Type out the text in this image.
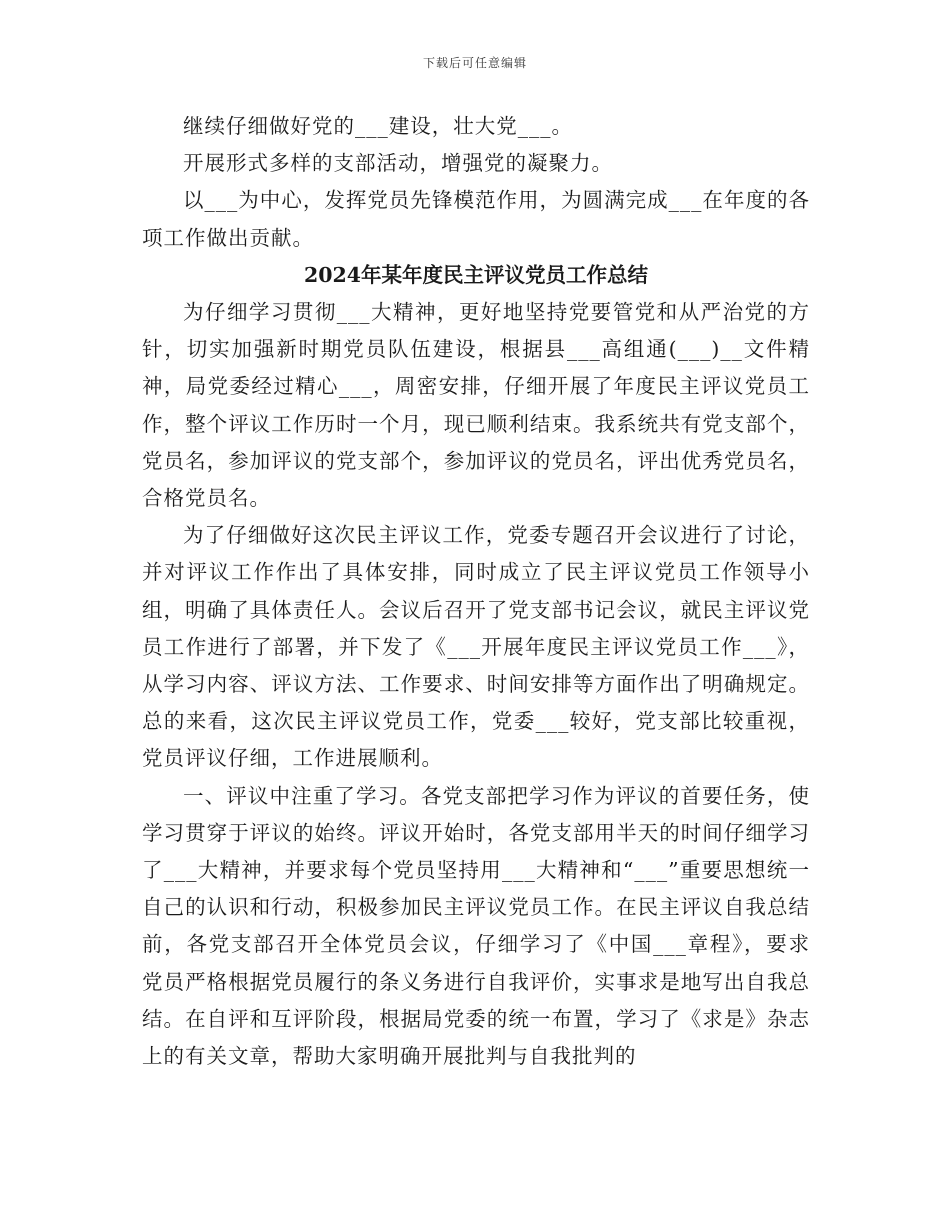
下载后可任意编辑

继续仔细做好党的___建设，壮大党___。

开展形式多样的支部活动，增强党的凝聚力。

以___为中心，发挥党员先锋模范作用，为圆满完成___在年度的各项工作做出贡献。

2024年某年度民主评议党员工作总结

为仔细学习贯彻___大精神，更好地坚持党要管党和从严治党的方针，切实加强新时期党员队伍建设，根据县___高组通(___)__文件精神，局党委经过精心___，周密安排，仔细开展了年度民主评议党员工作，整个评议工作历时一个月，现已顺利结束。我系统共有党支部个，党员名，参加评议的党支部个，参加评议的党员名，评出优秀党员名，合格党员名。

为了仔细做好这次民主评议工作，党委专题召开会议进行了讨论，并对评议工作作出了具体安排，同时成立了民主评议党员工作领导小组，明确了具体责任人。会议后召开了党支部书记会议，就民主评议党员工作进行了部署，并下发了《___开展年度民主评议党员工作___》，从学习内容、评议方法、工作要求、时间安排等方面作出了明确规定。总的来看，这次民主评议党员工作，党委___较好，党支部比较重视，党员评议仔细，工作进展顺利。

一、评议中注重了学习。各党支部把学习作为评议的首要任务，使学习贯穿于评议的始终。评议开始时，各党支部用半天的时间仔细学习了___大精神，并要求每个党员坚持用___大精神和“___”重要思想统一自己的认识和行动，积极参加民主评议党员工作。在民主评议自我总结前，各党支部召开全体党员会议，仔细学习了《中国___章程》，要求党员严格根据党员履行的条义务进行自我评价，实事求是地写出自我总结。在自评和互评阶段，根据局党委的统一布置，学习了《求是》杂志上的有关文章，帮助大家明确开展批判与自我批判的
